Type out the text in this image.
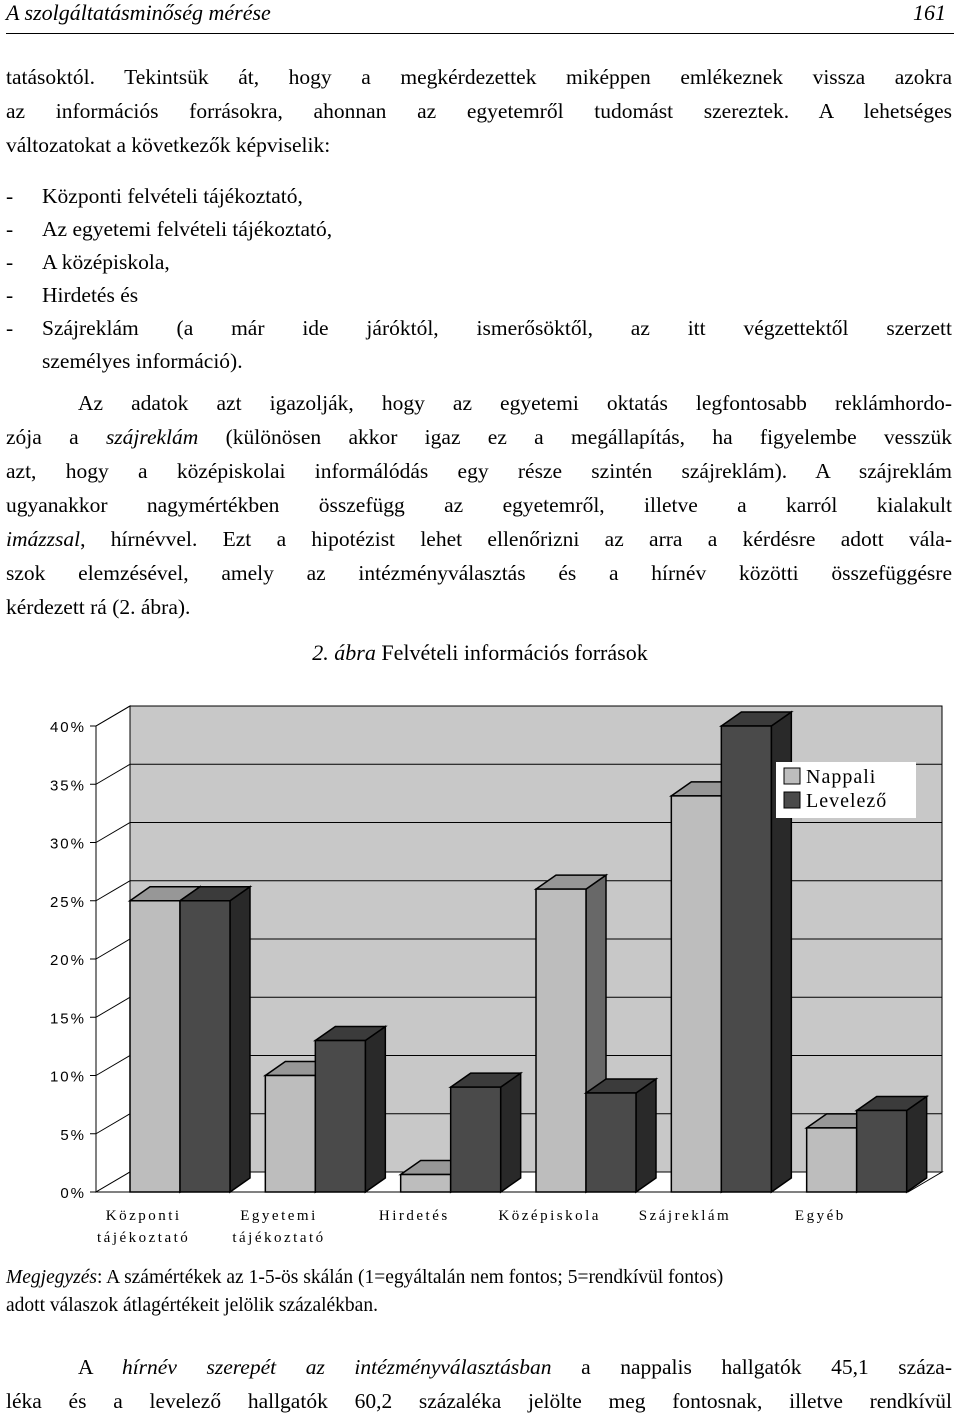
A szolgáltatásminőség mérése	161
tatásoktól. Tekintsük át, hogy a megkérdezettek miképpen emlékeznek vissza azokra
az információs forrásokra, ahonnan az egyetemről tudomást szereztek. A lehetséges
változatokat a következők képviselik:
- Központi felvételi tájékoztató,
- Az egyetemi felvételi tájékoztató,
- A középiskola,
- Hirdetés és
- Szájreklám (a már ide járóktól, ismerősöktől, az itt végzettektől szerzett
személyes információ).
Az adatok azt igazolják, hogy az egyetemi oktatás legfontosabb reklámhordo-
zója a szájreklám (különösen akkor igaz ez a megállapítás, ha figyelembe vesszük
azt, hogy a középiskolai informálódás egy része szintén szájreklám). A szájreklám
ugyanakkor nagymértékben összefügg az egyetemről, illetve a karról kialakult
imázzsal, hírnévvel. Ezt a hipotézist lehet ellenőrizni az arra a kérdésre adott vála-
szok elemzésével, amely az intézményválasztás és a hírnév közötti összefüggésre
kérdezett rá (2. ábra).
2. ábra Felvételi információs források
0%
5%
10%
15%
20%
25%
30%
35%
40%
Központi
tájékoztató
Egyetemi
tájékoztató
Hirdetés	Középiskola	Szájreklám	Egyéb
Nappali
Levelező
Megjegyzés: A számértékek az 1-5-ös skálán (1=egyáltalán nem fontos; 5=rendkívül fontos)
adott válaszok átlagértékeit jelölik százalékban.
A hírnév szerepét az intézményválasztásban a nappalis hallgatók 45,1 száza-
léka és a levelező hallgatók 60,2 százaléka jelölte meg fontosnak, illetve rendkívül
